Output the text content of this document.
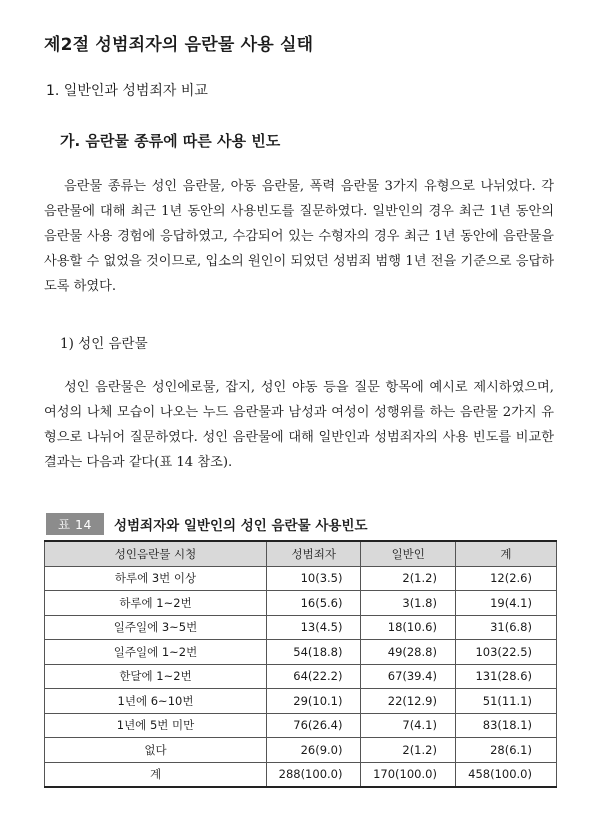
제2절 성범죄자의 음란물 사용 실태
1. 일반인과 성범죄자 비교
가. 음란물 종류에 따른 사용 빈도

음란물 종류는 성인 음란물, 아동 음란물, 폭력 음란물 3가지 유형으로 나뉘었다. 각 음란물에 대해 최근 1년 동안의 사용빈도를 질문하였다. 일반인의 경우 최근 1년 동안의 음란물 사용 경험에 응답하였고, 수감되어 있는 수형자의 경우 최근 1년 동안에 음란물을 사용할 수 없었을 것이므로, 입소의 원인이 되었던 성범죄 범행 1년 전을 기준으로 응답하도록 하였다.

1) 성인 음란물

성인 음란물은 성인에로물, 잡지, 성인 야동 등을 질문 항목에 예시로 제시하였으며, 여성의 나체 모습이 나오는 누드 음란물과 남성과 여성이 성행위를 하는 음란물 2가지 유형으로 나뉘어 질문하였다. 성인 음란물에 대해 일반인과 성범죄자의 사용 빈도를 비교한 결과는 다음과 같다(표 14 참조).

표 14	성범죄자와 일반인의 성인 음란물 사용빈도
성인음란물 시청	성범죄자	일반인	계
하루에 3번 이상	10(3.5)	2(1.2)	12(2.6)
하루에 1~2번	16(5.6)	3(1.8)	19(4.1)
일주일에 3~5번	13(4.5)	18(10.6)	31(6.8)
일주일에 1~2번	54(18.8)	49(28.8)	103(22.5)
한달에 1~2번	64(22.2)	67(39.4)	131(28.6)
1년에 6~10번	29(10.1)	22(12.9)	51(11.1)
1년에 5번 미만	76(26.4)	7(4.1)	83(18.1)
없다	26(9.0)	2(1.2)	28(6.1)
계	288(100.0)	170(100.0)	458(100.0)
